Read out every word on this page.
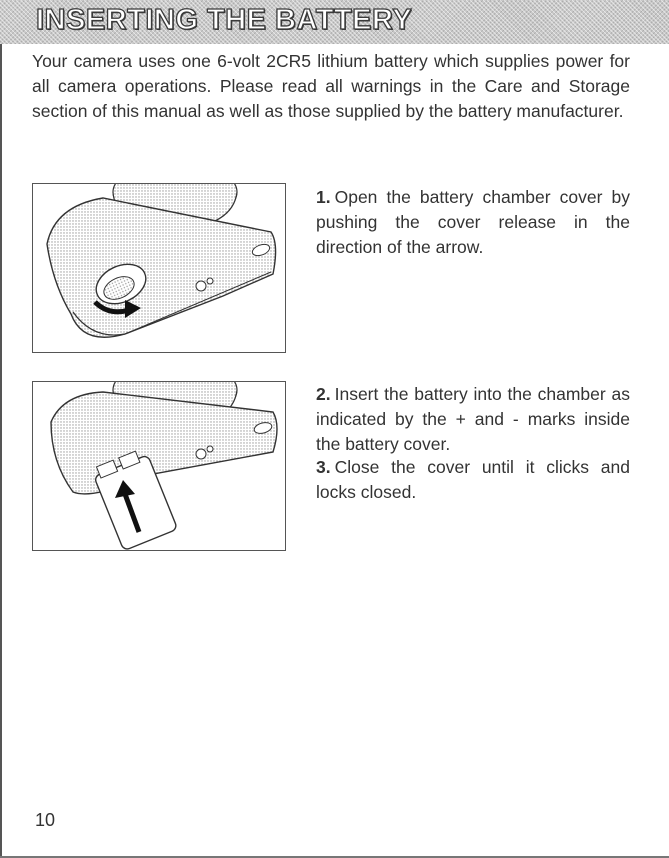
INSERTING THE BATTERY

Your camera uses one 6-volt 2CR5 lithium battery which supplies power for all camera operations. Please read all warnings in the Care and Storage section of this manual as well as those supplied by the battery manufacturer.

1. Open the battery chamber cover by pushing the cover release in the direction of the arrow.

2. Insert the battery into the chamber as indicated by the + and - marks inside the battery cover.

3. Close the cover until it clicks and locks closed.

10
